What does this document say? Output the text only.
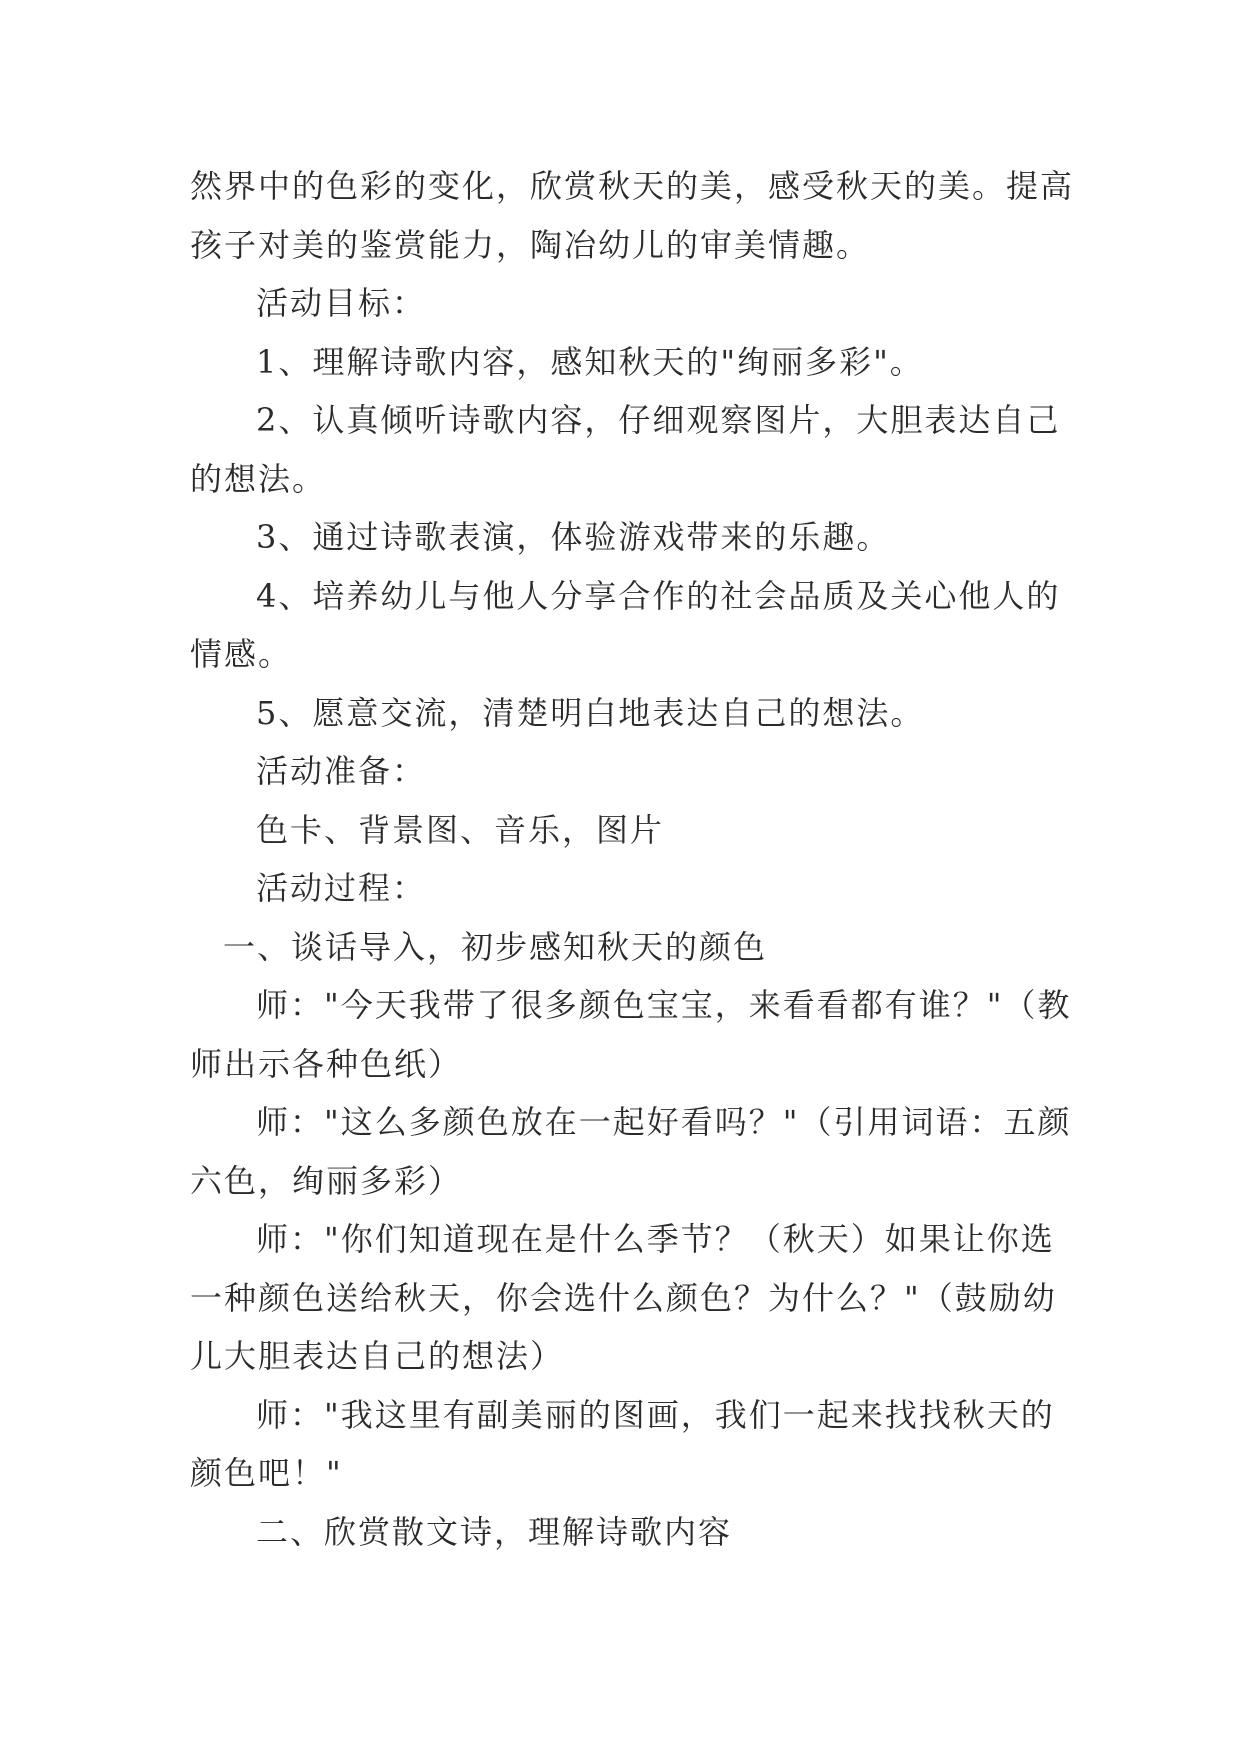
然界中的色彩的变化，欣赏秋天的美，感受秋天的美。提高

孩子对美的鉴赏能力，陶冶幼儿的审美情趣。

活动目标：

1、理解诗歌内容，感知秋天的"绚丽多彩"。

2、认真倾听诗歌内容，仔细观察图片，大胆表达自己

的想法。

3、通过诗歌表演，体验游戏带来的乐趣。

4、培养幼儿与他人分享合作的社会品质及关心他人的

情感。

5、愿意交流，清楚明白地表达自己的想法。

活动准备：

色卡、背景图、音乐，图片

活动过程：

一、谈话导入，初步感知秋天的颜色

师："今天我带了很多颜色宝宝，来看看都有谁？"（教

师出示各种色纸）

师："这么多颜色放在一起好看吗？"（引用词语：五颜

六色，绚丽多彩）

师："你们知道现在是什么季节？（秋天）如果让你选

一种颜色送给秋天，你会选什么颜色？为什么？"（鼓励幼

儿大胆表达自己的想法）

师："我这里有副美丽的图画，我们一起来找找秋天的

颜色吧！"

二、欣赏散文诗，理解诗歌内容
